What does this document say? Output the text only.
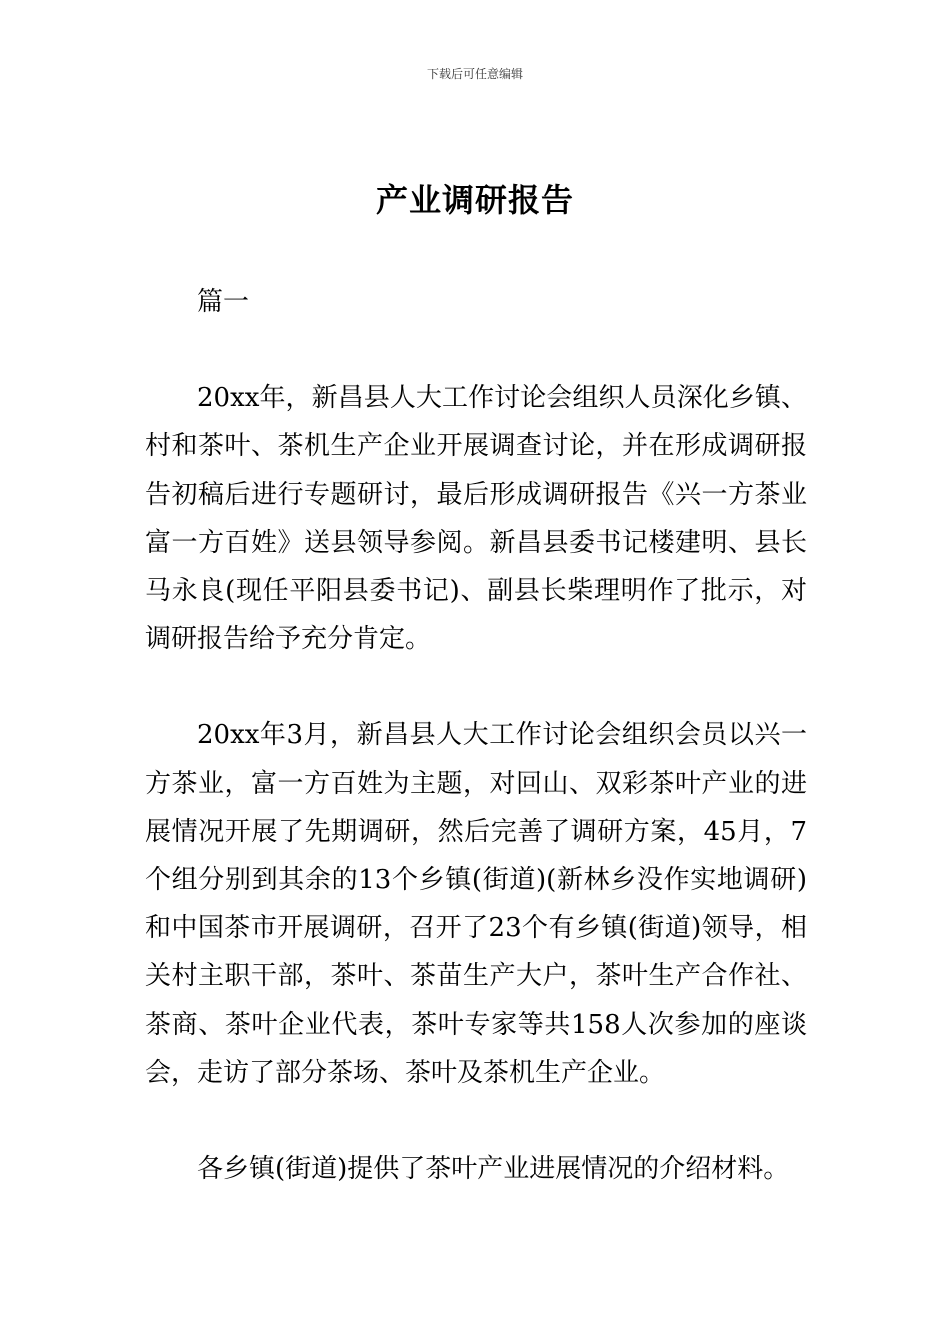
下载后可任意编辑
产业调研报告

篇一

20xx年，新昌县人大工作讨论会组织人员深化乡镇、村和茶叶、茶机生产企业开展调查讨论，并在形成调研报告初稿后进行专题研讨，最后形成调研报告《兴一方茶业富一方百姓》送县领导参阅。新昌县委书记楼建明、县长马永良(现任平阳县委书记)、副县长柴理明作了批示，对调研报告给予充分肯定。

20xx年3月，新昌县人大工作讨论会组织会员以兴一方茶业，富一方百姓为主题，对回山、双彩茶叶产业的进展情况开展了先期调研，然后完善了调研方案，45月，7个组分别到其余的13个乡镇(街道)(新林乡没作实地调研)和中国茶市开展调研，召开了23个有乡镇(街道)领导，相关村主职干部，茶叶、茶苗生产大户，茶叶生产合作社、茶商、茶叶企业代表，茶叶专家等共158人次参加的座谈会，走访了部分茶场、茶叶及茶机生产企业。

各乡镇(街道)提供了茶叶产业进展情况的介绍材料。
